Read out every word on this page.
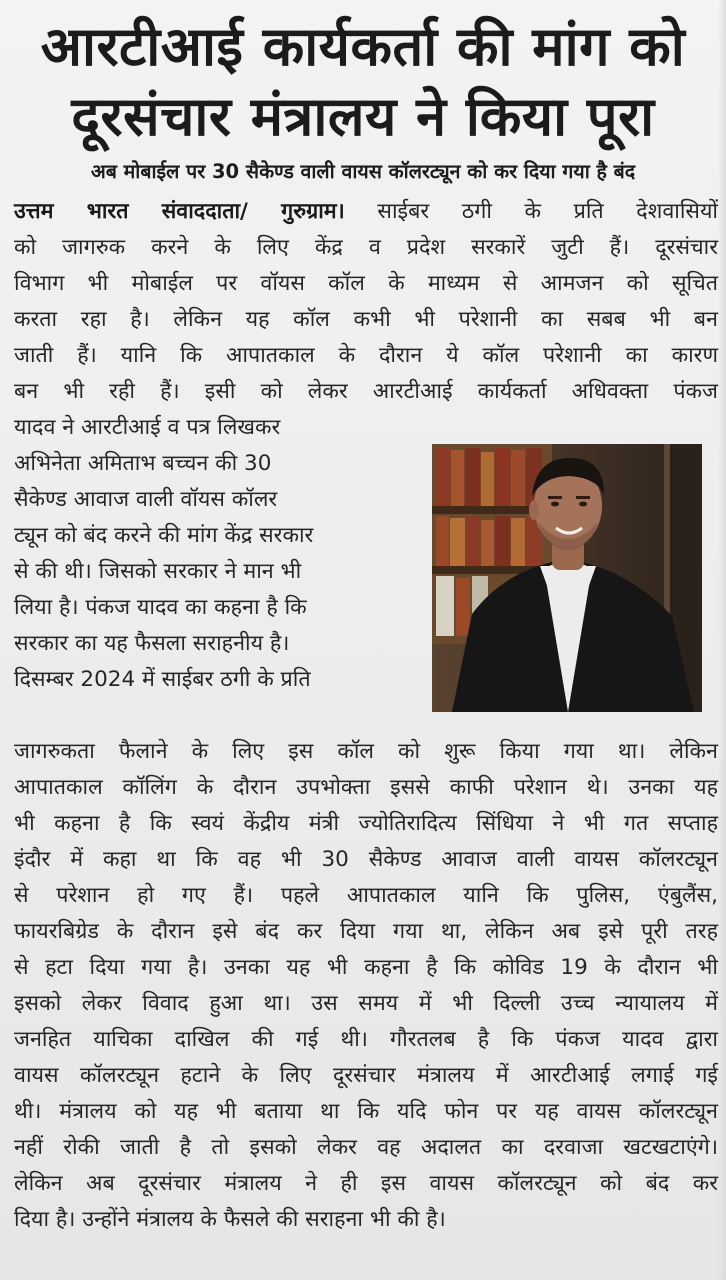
आरटीआई कार्यकर्ता की मांग को
दूरसंचार मंत्रालय ने किया पूरा
अब मोबाईल पर 30 सैकेण्ड वाली वायस कॉलरट्यून को कर दिया गया है बंद
उत्तम भारत संवाददाता/ गुरुग्राम। साईबर ठगी के प्रति देशवासियों
को जागरुक करने के लिए केंद्र व प्रदेश सरकारें जुटी हैं। दूरसंचार
विभाग भी मोबाईल पर वॉयस कॉल के माध्यम से आमजन को सूचित
करता रहा है। लेकिन यह कॉल कभी भी परेशानी का सबब भी बन
जाती हैं। यानि कि आपातकाल के दौरान ये कॉल परेशानी का कारण
बन भी रही हैं। इसी को लेकर आरटीआई कार्यकर्ता अधिवक्ता पंकज
यादव ने आरटीआई व पत्र लिखकर
अभिनेता अमिताभ बच्चन की 30
सैकेण्ड आवाज वाली वॉयस कॉलर
ट्यून को बंद करने की मांग केंद्र सरकार
से की थी। जिसको सरकार ने मान भी
लिया है। पंकज यादव का कहना है कि
सरकार का यह फैसला सराहनीय है।
दिसम्बर 2024 में साईबर ठगी के प्रति
जागरुकता फैलाने के लिए इस कॉल को शुरू किया गया था। लेकिन
आपातकाल कॉलिंग के दौरान उपभोक्ता इससे काफी परेशान थे। उनका यह
भी कहना है कि स्वयं केंद्रीय मंत्री ज्योतिरादित्य सिंधिया ने भी गत सप्ताह
इंदौर में कहा था कि वह भी 30 सैकेण्ड आवाज वाली वायस कॉलरट्यून
से परेशान हो गए हैं। पहले आपातकाल यानि कि पुलिस, एंबुलैंस,
फायरबिग्रेड के दौरान इसे बंद कर दिया गया था, लेकिन अब इसे पूरी तरह
से हटा दिया गया है। उनका यह भी कहना है कि कोविड 19 के दौरान भी
इसको लेकर विवाद हुआ था। उस समय में भी दिल्ली उच्च न्यायालय में
जनहित याचिका दाखिल की गई थी। गौरतलब है कि पंकज यादव द्वारा
वायस कॉलरट्यून हटाने के लिए दूरसंचार मंत्रालय में आरटीआई लगाई गई
थी। मंत्रालय को यह भी बताया था कि यदि फोन पर यह वायस कॉलरट्यून
नहीं रोकी जाती है तो इसको लेकर वह अदालत का दरवाजा खटखटाएंगे।
लेकिन अब दूरसंचार मंत्रालय ने ही इस वायस कॉलरट्यून को बंद कर
दिया है। उन्होंने मंत्रालय के फैसले की सराहना भी की है।
